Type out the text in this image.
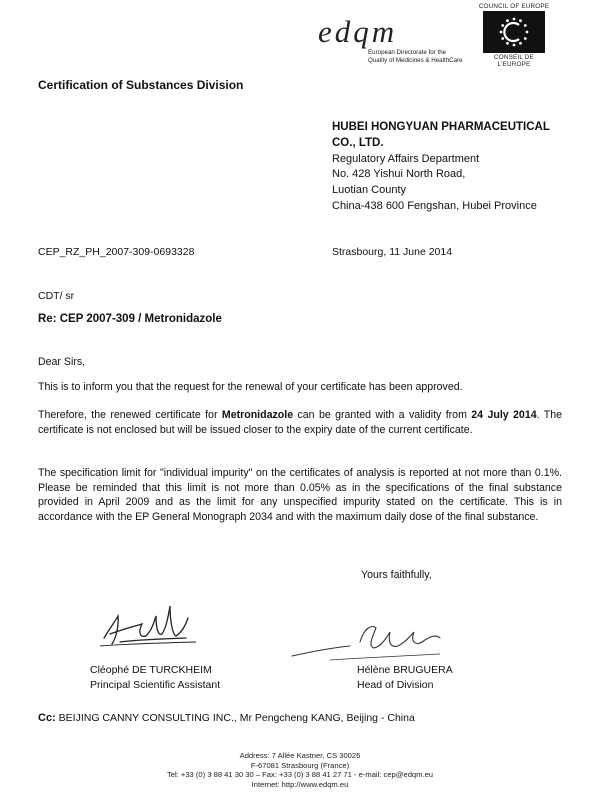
edqm
European Directorate for the
Quality of Medicines & HealthCare
COUNCIL OF EUROPE
CONSEIL DE L'EUROPE
Certification of Substances Division
HUBEI HONGYUAN PHARMACEUTICAL
CO., LTD.
Regulatory Affairs Department
No. 428 Yishui North Road,
Luotian County
China-438 600 Fengshan, Hubei Province
CEP_RZ_PH_2007-309-0693328	Strasbourg, 11 June 2014
CDT/ sr
Re: CEP 2007-309 / Metronidazole
Dear Sirs,
This is to inform you that the request for the renewal of your certificate has been approved.
Therefore, the renewed certificate for Metronidazole can be granted with a validity from 24 July 2014. The certificate is not enclosed but will be issued closer to the expiry date of the current certificate.
The specification limit for "individual impurity" on the certificates of analysis is reported at not more than 0.1%. Please be reminded that this limit is not more than 0.05% as in the specifications of the final substance provided in April 2009 and as the limit for any unspecified impurity stated on the certificate. This is in accordance with the EP General Monograph 2034 and with the maximum daily dose of the final substance.
Yours faithfully,
Cléophé DE TURCKHEIM
Principal Scientific Assistant
Hélène BRUGUERA
Head of Division
Cc: BEIJING CANNY CONSULTING INC., Mr Pengcheng KANG, Beijing - China
Address: 7 Allée Kastner, CS 30026
F-67081 Strasbourg (France)
Tel: +33 (0) 3 88 41 30 30 – Fax: +33 (0) 3 88 41 27 71 - e-mail: cep@edqm.eu
Internet: http://www.edqm.eu
